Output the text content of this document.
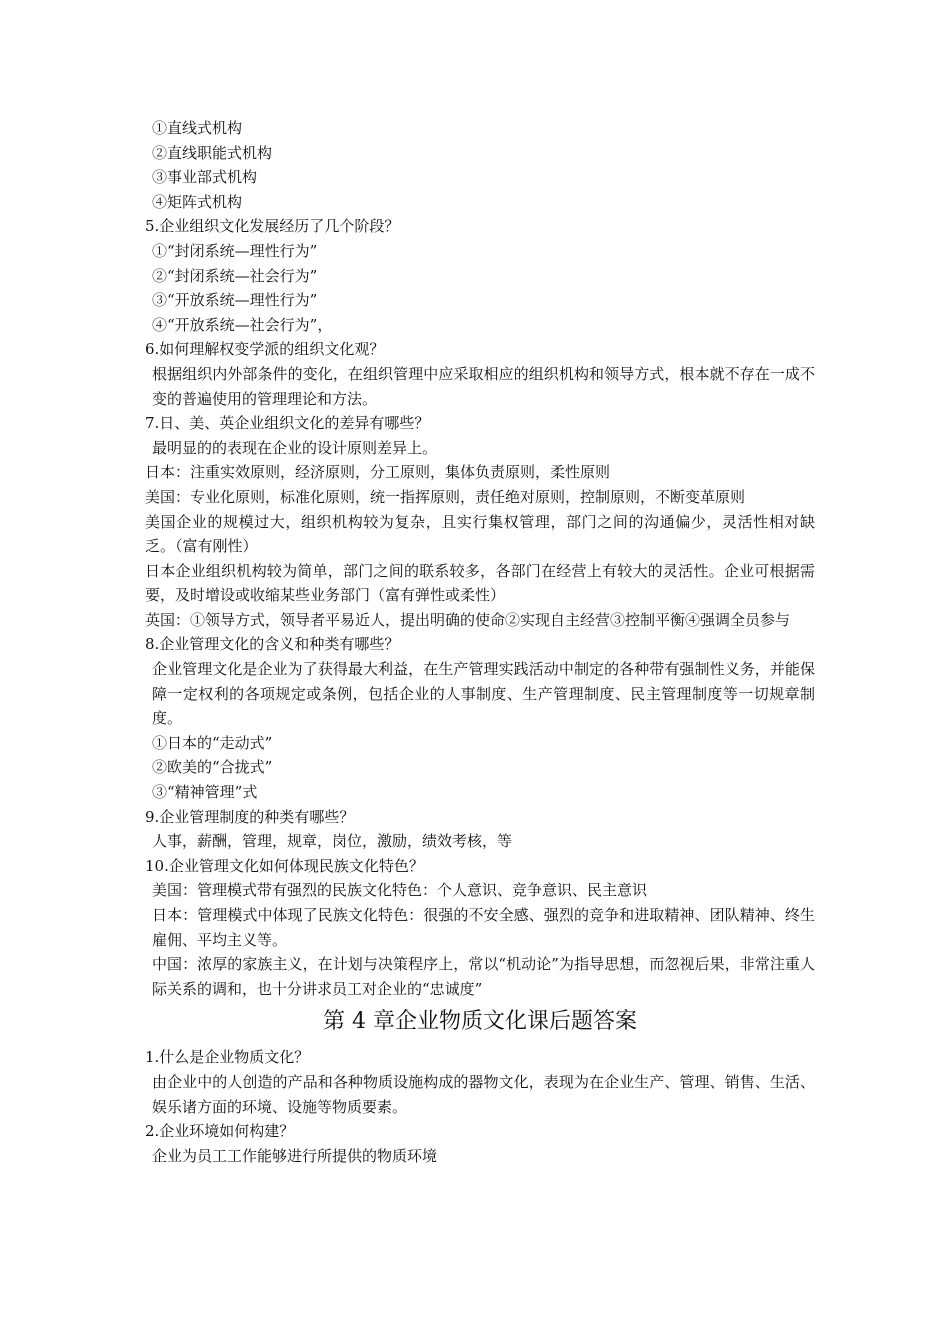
①直线式机构

②直线职能式机构

③事业部式机构

④矩阵式机构

5.企业组织文化发展经历了几个阶段？

①“封闭系统—理性行为”

②“封闭系统—社会行为”

③“开放系统—理性行为”

④“开放系统—社会行为”，

6.如何理解权变学派的组织文化观？

根据组织内外部条件的变化，在组织管理中应采取相应的组织机构和领导方式，根本就不存在一成不变的普遍使用的管理理论和方法。

7.日、美、英企业组织文化的差异有哪些？

最明显的的表现在企业的设计原则差异上。

日本：注重实效原则，经济原则，分工原则，集体负责原则，柔性原则

美国：专业化原则，标准化原则，统一指挥原则，责任绝对原则，控制原则，不断变革原则

美国企业的规模过大，组织机构较为复杂，且实行集权管理，部门之间的沟通偏少，灵活性相对缺乏。（富有刚性）

日本企业组织机构较为简单，部门之间的联系较多，各部门在经营上有较大的灵活性。企业可根据需要，及时增设或收缩某些业务部门（富有弹性或柔性）

英国：①领导方式，领导者平易近人，提出明确的使命②实现自主经营③控制平衡④强调全员参与

8.企业管理文化的含义和种类有哪些？

企业管理文化是企业为了获得最大利益，在生产管理实践活动中制定的各种带有强制性义务，并能保障一定权利的各项规定或条例，包括企业的人事制度、生产管理制度、民主管理制度等一切规章制度。

①日本的“走动式”

②欧美的“合拢式”

③“精神管理”式

9.企业管理制度的种类有哪些？

人事，薪酬，管理，规章，岗位，激励，绩效考核，等

10.企业管理文化如何体现民族文化特色？

美国：管理模式带有强烈的民族文化特色：个人意识、竞争意识、民主意识

日本：管理模式中体现了民族文化特色：很强的不安全感、强烈的竞争和进取精神、团队精神、终生雇佣、平均主义等。

中国：浓厚的家族主义，在计划与决策程序上，常以“机动论”为指导思想，而忽视后果，非常注重人际关系的调和，也十分讲求员工对企业的“忠诚度”

第 4 章企业物质文化课后题答案

1.什么是企业物质文化？

由企业中的人创造的产品和各种物质设施构成的器物文化，表现为在企业生产、管理、销售、生活、娱乐诸方面的环境、设施等物质要素。

2.企业环境如何构建？

企业为员工工作能够进行所提供的物质环境
